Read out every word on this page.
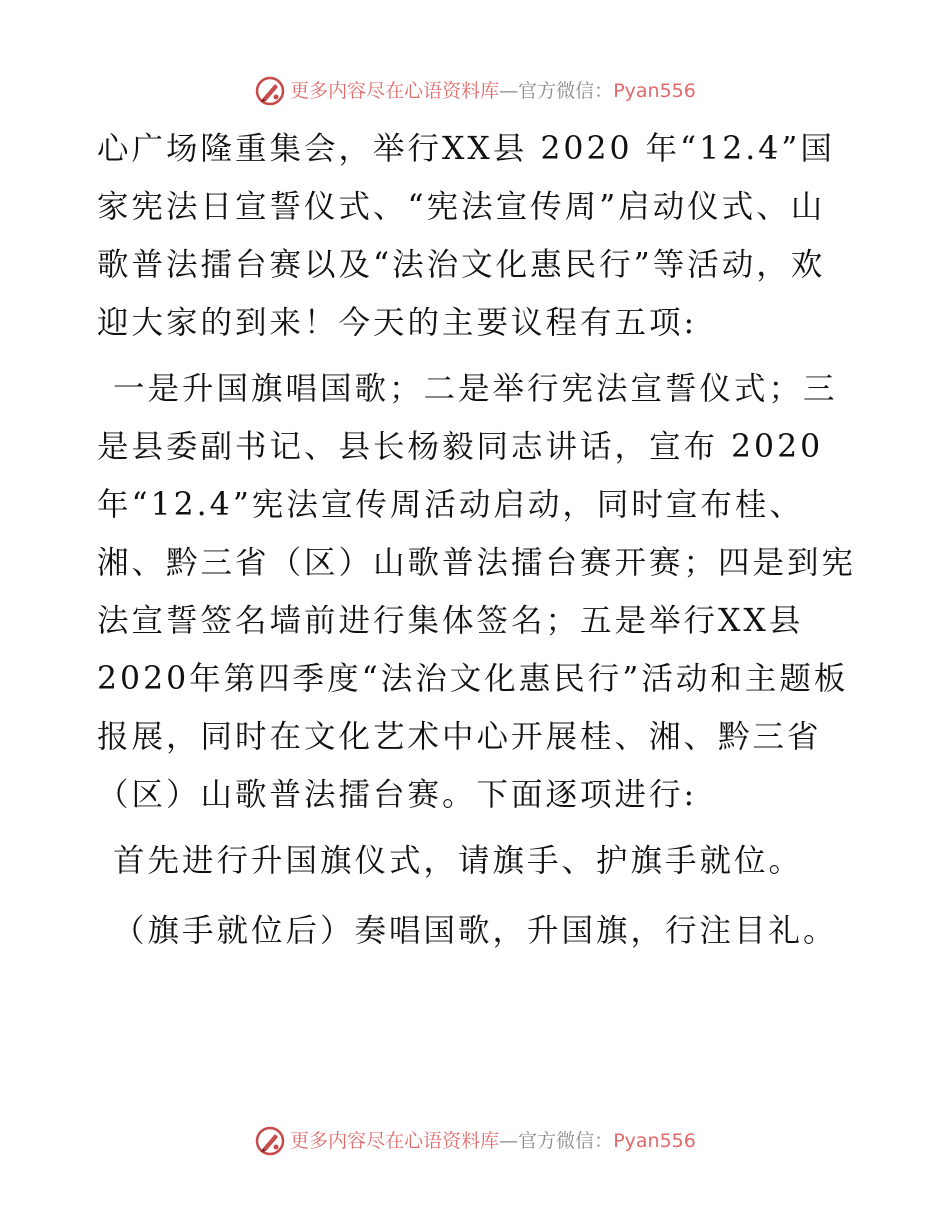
更多内容尽在心语资料库 — 官方微信： Pyan556
心广场隆重集会，举行XX县 2020 年“12.4”国
家宪法日宣誓仪式、“宪法宣传周”启动仪式、山
歌普法擂台赛以及“法治文化惠民行”等活动，欢
迎大家的到来！今天的主要议程有五项:
一是升国旗唱国歌；二是举行宪法宣誓仪式；三
是县委副书记、县长杨毅同志讲话，宣布 2020
年“12.4”宪法宣传周活动启动，同时宣布桂、
湘、黔三省（区）山歌普法擂台赛开赛；四是到宪
法宣誓签名墙前进行集体签名；五是举行XX县
2020年第四季度“法治文化惠民行”活动和主题板
报展，同时在文化艺术中心开展桂、湘、黔三省
（区）山歌普法擂台赛。下面逐项进行:
首先进行升国旗仪式，请旗手、护旗手就位。
（旗手就位后）奏唱国歌，升国旗，行注目礼。
更多内容尽在心语资料库 — 官方微信： Pyan556
